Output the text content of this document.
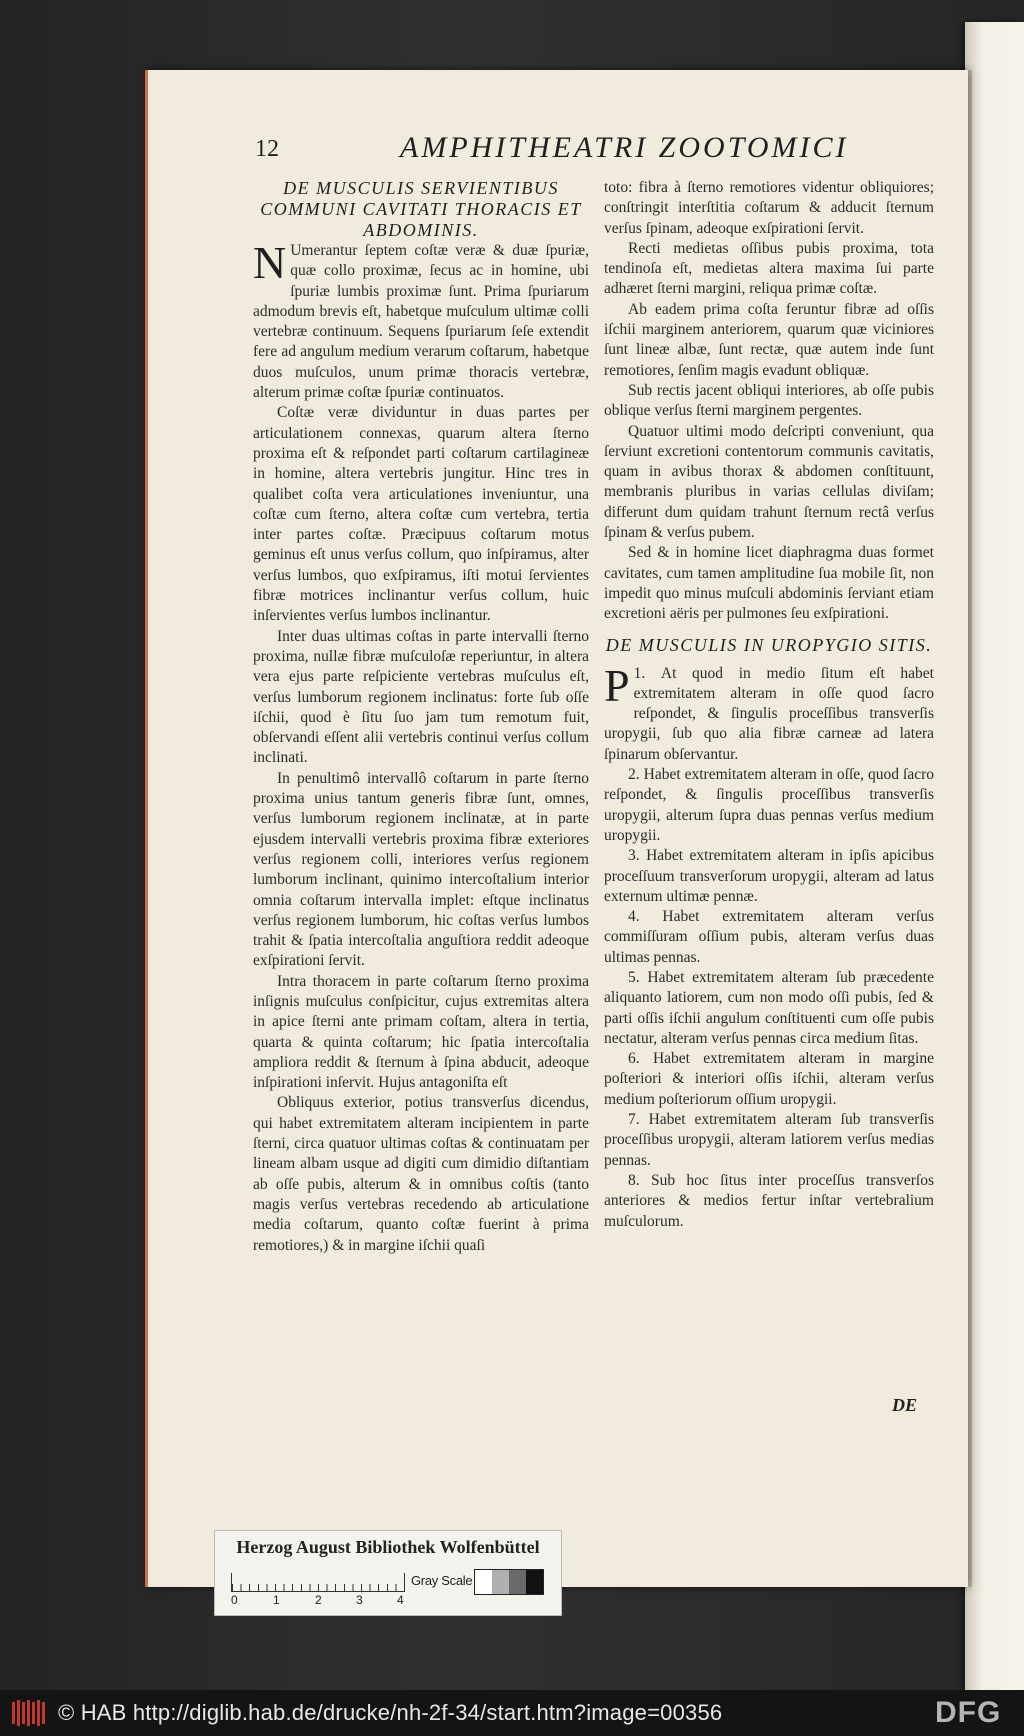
12	AMPHITHEATRI ZOOTOMICI

DE MUSCULIS SERVIENTIBUS COMMUNI CAVITATI THORACIS ET ABDOMINIS.

N Umerantur ſeptem coſtæ veræ & duæ ſpuriæ, quæ collo proximæ, ſecus ac in homine, ubi ſpuriæ lumbis proximæ ſunt. Prima ſpuriarum admodum brevis eſt, habetque muſculum ultimæ colli vertebræ continuum. Sequens ſpuriarum ſeſe extendit fere ad angulum medium verarum coſtarum, habetque duos muſculos, unum primæ thoracis vertebræ, alterum primæ coſtæ ſpuriæ continuatos.

Coſtæ veræ dividuntur in duas partes per articulationem connexas, quarum altera ſterno proxima eſt & reſpondet parti coſtarum cartilagineæ in homine, altera vertebris jungitur. Hinc tres in qualibet coſta vera articulationes inveniuntur, una coſtæ cum ſterno, altera coſtæ cum vertebra, tertia inter partes coſtæ. Præcipuus coſtarum motus geminus eſt unus verſus collum, quo inſpiramus, alter verſus lumbos, quo exſpiramus, iſti motui ſervientes fibræ motrices inclinantur verſus collum, huic inſervientes verſus lumbos inclinantur.

Inter duas ultimas coſtas in parte intervalli ſterno proxima, nullæ fibræ muſculoſæ reperiuntur, in altera vera ejus parte reſpiciente vertebras muſculus eſt, verſus lumborum regionem inclinatus: forte ſub oſſe iſchii, quod è ſitu ſuo jam tum remotum fuit, obſervandi eſſent alii vertebris continui verſus collum inclinati.

In penultimô intervallô coſtarum in parte ſterno proxima unius tantum generis fibræ ſunt, omnes, verſus lumborum regionem inclinatæ, at in parte ejusdem intervalli vertebris proxima fibræ exteriores verſus regionem colli, interiores verſus regionem lumborum inclinant, quinimo intercoſtalium interior omnia coſtarum intervalla implet: eſtque inclinatus verſus regionem lumborum, hic coſtas verſus lumbos trahit & ſpatia intercoſtalia anguſtiora reddit adeoque exſpirationi ſervit.

Intra thoracem in parte coſtarum ſterno proxima inſignis muſculus conſpicitur, cujus extremitas altera in apice ſterni ante primam coſtam, altera in tertia, quarta & quinta coſtarum; hic ſpatia intercoſtalia ampliora reddit & ſternum à ſpina abducit, adeoque inſpirationi inſervit. Hujus antagoniſta eſt

Obliquus exterior, potius transverſus dicendus, qui habet extremitatem alteram incipientem in parte ſterni, circa quatuor ultimas coſtas & continuatam per lineam albam usque ad digiti cum dimidio diſtantiam ab oſſe pubis, alterum & in omnibus coſtis (tanto magis verſus vertebras recedendo ab articulatione media coſtarum, quanto coſtæ fuerint à prima remotiores,) & in margine iſchii quaſi

toto: fibra à ſterno remotiores videntur obliquiores; conſtringit interſtitia coſtarum & adducit ſternum verſus ſpinam, adeoque exſpirationi ſervit.

Recti medietas oſſibus pubis proxima, tota tendinoſa eſt, medietas altera maxima ſui parte adhæret ſterni margini, reliqua primæ coſtæ.

Ab eadem prima coſta feruntur fibræ ad oſſis iſchii marginem anteriorem, quarum quæ viciniores ſunt lineæ albæ, ſunt rectæ, quæ autem inde ſunt remotiores, ſenſim magis evadunt obliquæ.

Sub rectis jacent obliqui interiores, ab oſſe pubis oblique verſus ſterni marginem pergentes.

Quatuor ultimi modo deſcripti conveniunt, qua ſerviunt excretioni contentorum communis cavitatis, quam in avibus thorax & abdomen conſtituunt, membranis pluribus in varias cellulas diviſam; differunt dum quidam trahunt ſternum rectâ verſus ſpinam & verſus pubem.

Sed & in homine licet diaphragma duas formet cavitates, cum tamen amplitudine ſua mobile ſit, non impedit quo minus muſculi abdominis ſerviant etiam excretioni aëris per pulmones ſeu exſpirationi.

DE MUSCULIS IN UROPYGIO SITIS.

1.
P At quod in medio ſitum eſt habet extremitatem alteram in oſſe quod ſacro reſpondet, & ſingulis proceſſibus transverſis uropygii, ſub quo alia fibræ carneæ ad latera ſpinarum obſervantur.

2. Habet extremitatem alteram in oſſe, quod ſacro reſpondet, & ſingulis proceſſibus transverſis uropygii, alterum ſupra duas pennas verſus medium uropygii.

3. Habet extremitatem alteram in ipſis apicibus proceſſuum transverſorum uropygii, alteram ad latus externum ultimæ pennæ.

4. Habet extremitatem alteram verſus commiſſuram oſſium pubis, alteram verſus duas ultimas pennas.

5. Habet extremitatem alteram ſub præcedente aliquanto latiorem, cum non modo oſſi pubis, ſed & parti oſſis iſchii angulum conſtituenti cum oſſe pubis nectatur, alteram verſus pennas circa medium ſitas.

6. Habet extremitatem alteram in margine poſteriori & interiori oſſis iſchii, alteram verſus medium poſteriorum oſſium uropygii.

7. Habet extremitatem alteram ſub transverſis proceſſibus uropygii, alteram latiorem verſus medias pennas.

8. Sub hoc ſitus inter proceſſus transverſos anteriores & medios fertur inſtar vertebralium muſculorum.

DE
Herzog August Bibliothek Wolfenbüttel
0	1	2	3	4
Gray Scale
© HAB http://diglib.hab.de/drucke/nh-2f-34/start.htm?image=00356	DFG
